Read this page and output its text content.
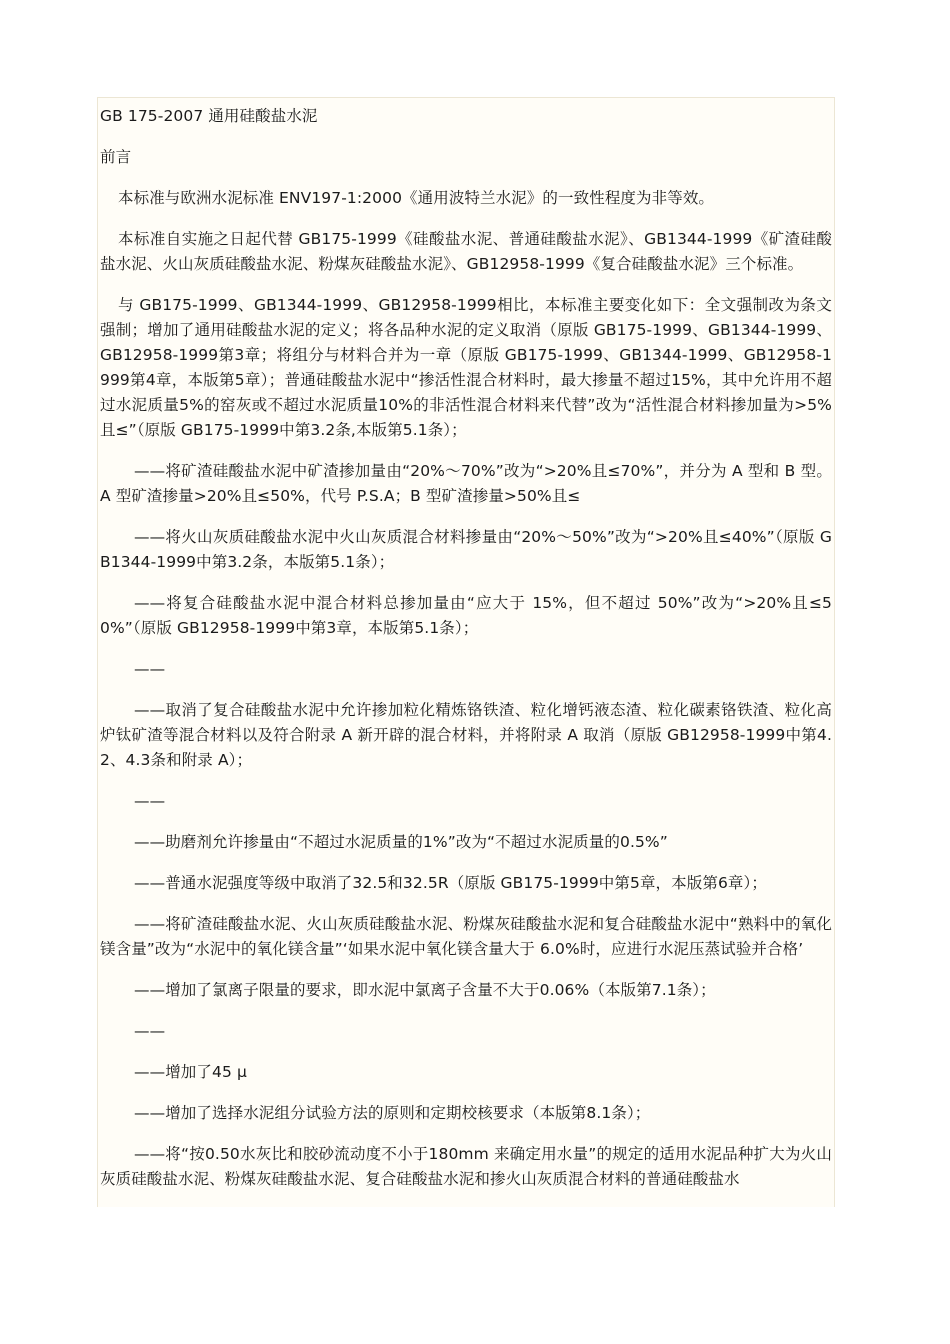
GB 175-2007 通用硅酸盐水泥

前言

本标准与欧洲水泥标准 ENV197-1:2000《通用波特兰水泥》的一致性程度为非等效。

本标准自实施之日起代替 GB175-1999《硅酸盐水泥、普通硅酸盐水泥》、GB1344-1999《矿渣硅酸盐水泥、火山灰质硅酸盐水泥、粉煤灰硅酸盐水泥》、GB12958-1999《复合硅酸盐水泥》三个标准。

与 GB175-1999、GB1344-1999、GB12958-1999相比，本标准主要变化如下：全文强制改为条文强制；增加了通用硅酸盐水泥的定义；将各品种水泥的定义取消（原版 GB175-1999、GB1344-1999、GB12958-1999第3章；将组分与材料合并为一章（原版 GB175-1999、GB1344-1999、GB12958-1999第4章，本版第5章）；普通硅酸盐水泥中“掺活性混合材料时，最大掺量不超过15%，其中允许用不超过水泥质量5%的窑灰或不超过水泥质量10%的非活性混合材料来代替”改为“活性混合材料掺加量为>5%且≤”（原版 GB175-1999中第3.2条,本版第5.1条）；

——将矿渣硅酸盐水泥中矿渣掺加量由“20%～70%”改为“>20%且≤70%”，并分为 A 型和 B 型。A 型矿渣掺量>20%且≤50%，代号 P.S.A；B 型矿渣掺量>50%且≤

——将火山灰质硅酸盐水泥中火山灰质混合材料掺量由“20%～50%”改为“>20%且≤40%”（原版 GB1344-1999中第3.2条，本版第5.1条）；

——将复合硅酸盐水泥中混合材料总掺加量由“应大于 15%，但不超过 50%”改为“>20%且≤50%”（原版 GB12958-1999中第3章，本版第5.1条）；

——

——取消了复合硅酸盐水泥中允许掺加粒化精炼铬铁渣、粒化增钙液态渣、粒化碳素铬铁渣、粒化高炉钛矿渣等混合材料以及符合附录 A 新开辟的混合材料，并将附录 A 取消（原版 GB12958-1999中第4.2、4.3条和附录 A）；

——

——助磨剂允许掺量由“不超过水泥质量的1%”改为“不超过水泥质量的0.5%”

——普通水泥强度等级中取消了32.5和32.5R（原版 GB175-1999中第5章，本版第6章）；

——将矿渣硅酸盐水泥、火山灰质硅酸盐水泥、粉煤灰硅酸盐水泥和复合硅酸盐水泥中“熟料中的氧化镁含量”改为“水泥中的氧化镁含量”‘如果水泥中氧化镁含量大于 6.0%时，应进行水泥压蒸试验并合格’

——增加了氯离子限量的要求，即水泥中氯离子含量不大于0.06%（本版第7.1条）；

——

——增加了45 μ

——增加了选择水泥组分试验方法的原则和定期校核要求（本版第8.1条）；

——将“按0.50水灰比和胶砂流动度不小于180mm 来确定用水量”的规定的适用水泥品种扩大为火山灰质硅酸盐水泥、粉煤灰硅酸盐水泥、复合硅酸盐水泥和掺火山灰质混合材料的普通硅酸盐水
